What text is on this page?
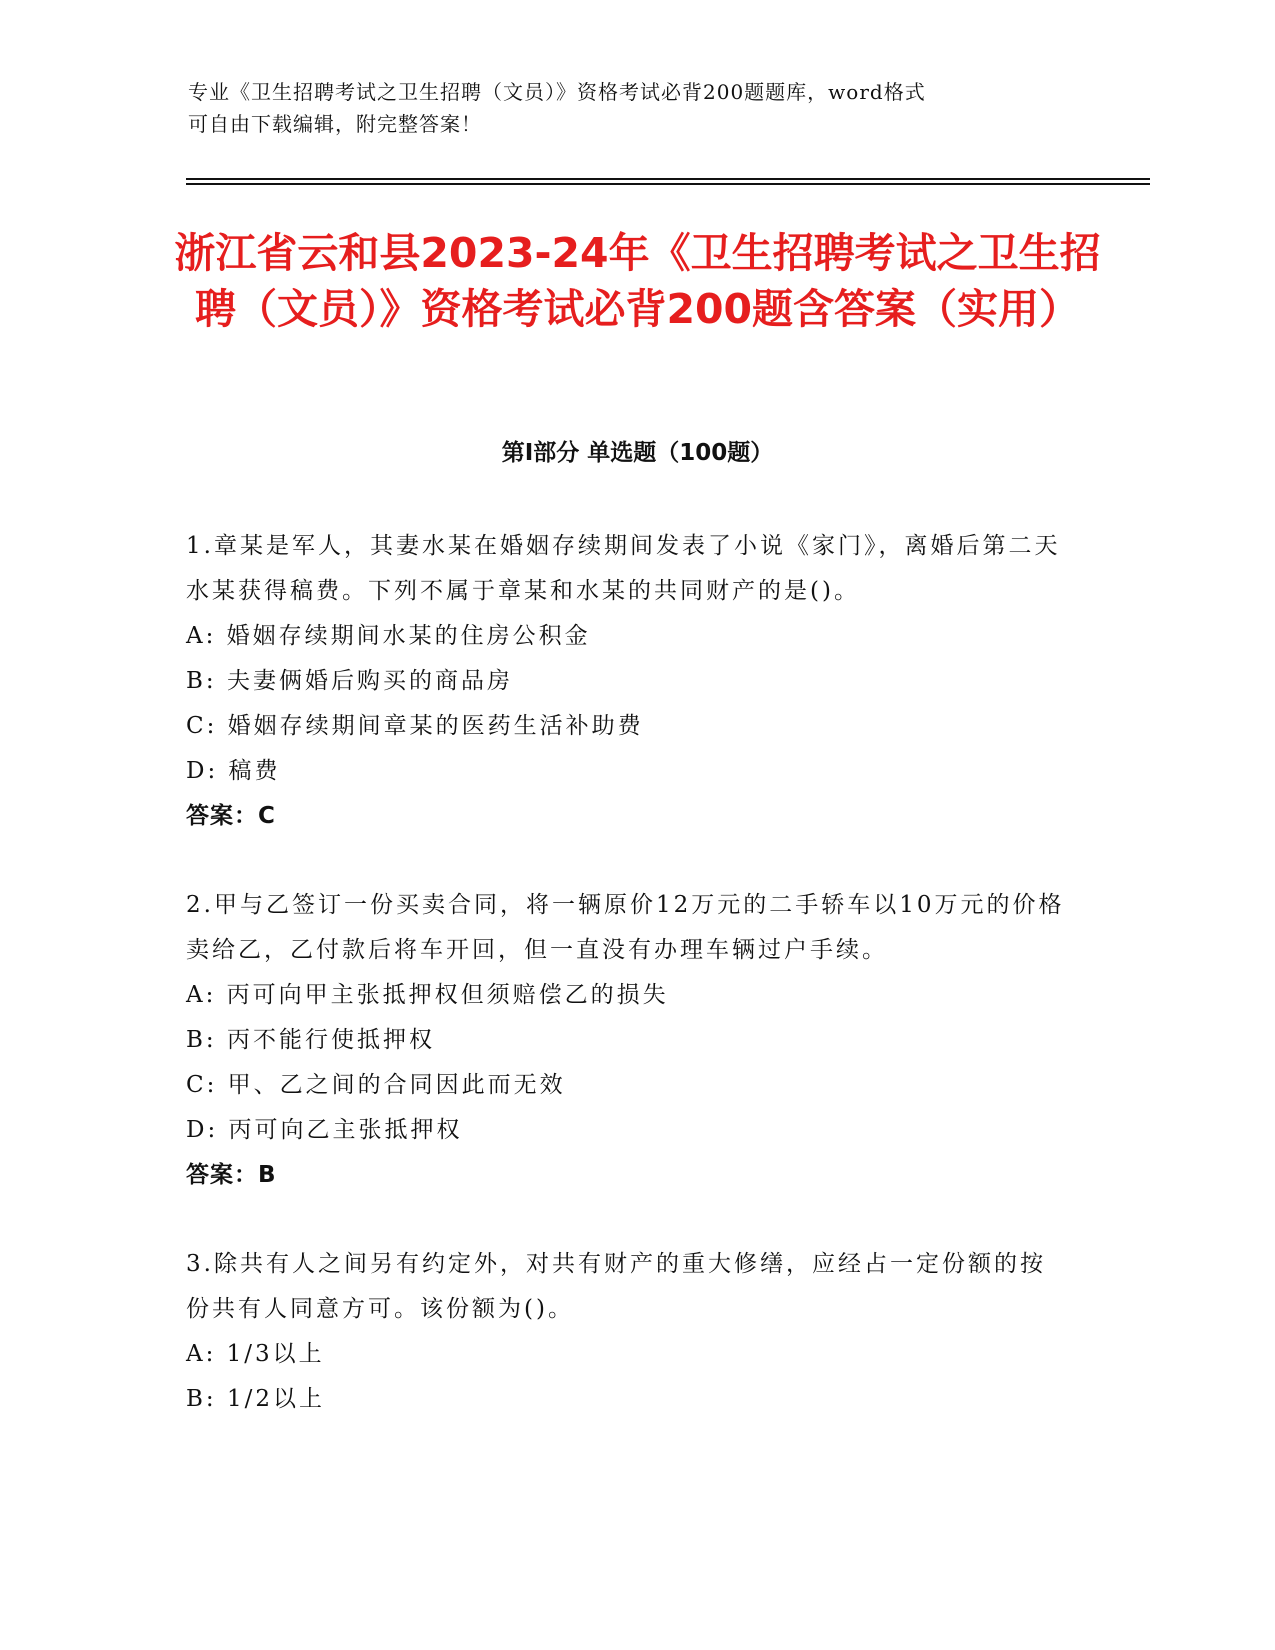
专业《卫生招聘考试之卫生招聘（文员）》资格考试必背200题题库，word格式
可自由下载编辑，附完整答案！
浙江省云和县2023-24年《卫生招聘考试之卫生招聘（文员）》资格考试必背200题含答案（实用）
第Ⅰ部分 单选题（100题）

1.章某是军人，其妻水某在婚姻存续期间发表了小说《家门》，离婚后第二天水某获得稿费。下列不属于章某和水某的共同财产的是()。

A: 婚姻存续期间水某的住房公积金

B: 夫妻俩婚后购买的商品房

C: 婚姻存续期间章某的医药生活补助费

D: 稿费

答案：C

2.甲与乙签订一份买卖合同，将一辆原价12万元的二手轿车以10万元的价格卖给乙，乙付款后将车开回，但一直没有办理车辆过户手续。

A: 丙可向甲主张抵押权但须赔偿乙的损失

B: 丙不能行使抵押权

C: 甲、乙之间的合同因此而无效

D: 丙可向乙主张抵押权

答案：B

3.除共有人之间另有约定外，对共有财产的重大修缮，应经占一定份额的按份共有人同意方可。该份额为()。

A: 1/3以上

B: 1/2以上
